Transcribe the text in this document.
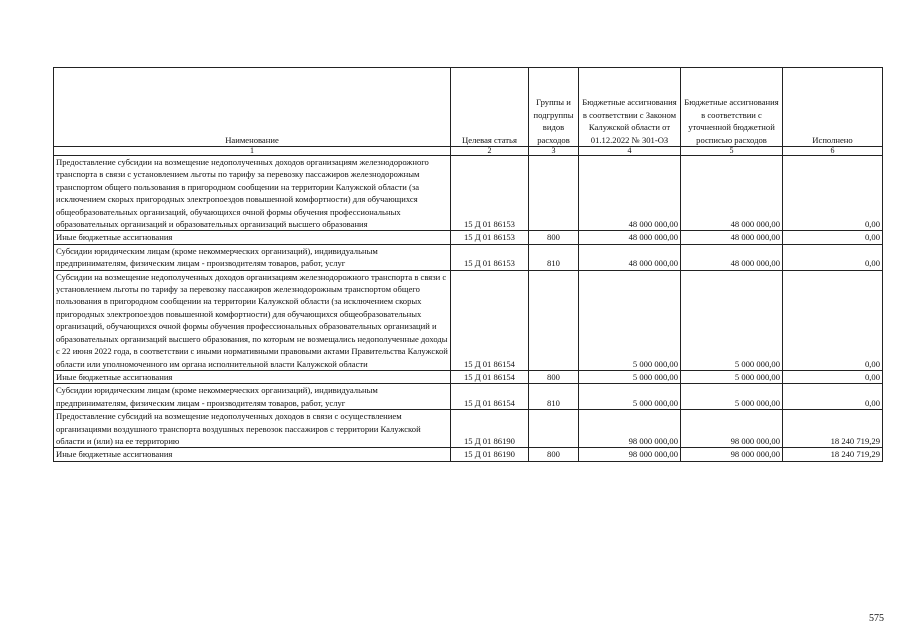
Наименование	Целевая статья	Группы и подгруппы видов расходов	Бюджетные ассигнования в соответствии с Законом Калужской области от 01.12.2022 № 301-ОЗ	Бюджетные ассигнования в соответствии с уточненной бюджетной росписью расходов	Исполнено
1	2	3	4	5	6
Предоставление субсидии на возмещение недополученных доходов организациям железнодорожного транспорта в связи с установлением льготы по тарифу за перевозку пассажиров железнодорожным транспортом общего пользования в пригородном сообщении на территории Калужской области (за исключением скорых пригородных электропоездов повышенной комфортности) для обучающихся общеобразовательных организаций, обучающихся очной формы обучения профессиональных образовательных организаций и образовательных организаций высшего образования	15 Д 01 86153		48 000 000,00	48 000 000,00	0,00
Иные бюджетные ассигнования	15 Д 01 86153	800	48 000 000,00	48 000 000,00	0,00
Субсидии юридическим лицам (кроме некоммерческих организаций), индивидуальным предпринимателям, физическим лицам - производителям товаров, работ, услуг	15 Д 01 86153	810	48 000 000,00	48 000 000,00	0,00
Субсидии на возмещение недополученных доходов организациям железнодорожного транспорта в связи с установлением льготы по тарифу за перевозку пассажиров железнодорожным транспортом общего пользования в пригородном сообщении на территории Калужской области (за исключением скорых пригородных электропоездов повышенной комфортности) для обучающихся общеобразовательных организаций, обучающихся очной формы обучения профессиональных образовательных организаций и образовательных организаций высшего образования, по которым не возмещались недополученные доходы с 22 июня 2022 года, в соответствии с иными нормативными правовыми актами Правительства Калужской области или уполномоченного им органа исполнительной власти Калужской области	15 Д 01 86154		5 000 000,00	5 000 000,00	0,00
Иные бюджетные ассигнования	15 Д 01 86154	800	5 000 000,00	5 000 000,00	0,00
Субсидии юридическим лицам (кроме некоммерческих организаций), индивидуальным предпринимателям, физическим лицам - производителям товаров, работ, услуг	15 Д 01 86154	810	5 000 000,00	5 000 000,00	0,00
Предоставление субсидий на возмещение недополученных доходов в связи с осуществлением организациями воздушного транспорта воздушных перевозок пассажиров с территории Калужской области и (или) на ее территорию	15 Д 01 86190		98 000 000,00	98 000 000,00	18 240 719,29
Иные бюджетные ассигнования	15 Д 01 86190	800	98 000 000,00	98 000 000,00	18 240 719,29
575
